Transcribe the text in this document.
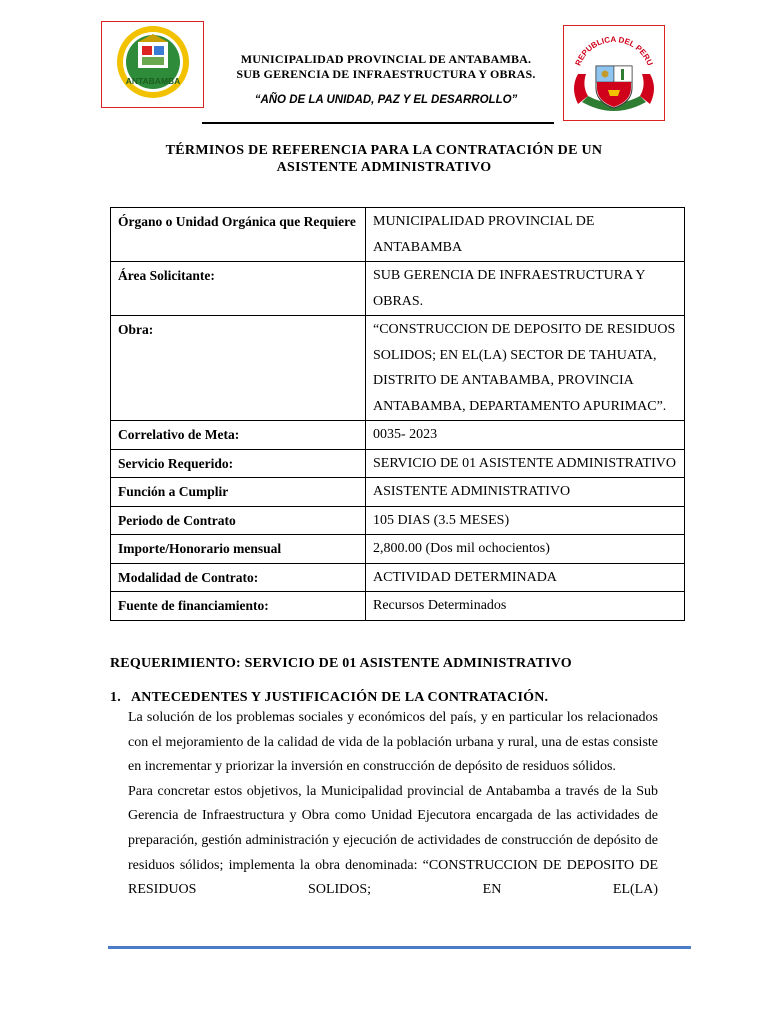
ANTABAMBA
REPUBLICA DEL PERU
MUNICIPALIDAD PROVINCIAL DE ANTABAMBA.
SUB GERENCIA DE INFRAESTRUCTURA Y OBRAS.
“AÑO DE LA UNIDAD, PAZ Y EL DESARROLLO”
TÉRMINOS DE REFERENCIA PARA LA CONTRATACIÓN DE UN
ASISTENTE ADMINISTRATIVO
Órgano o Unidad Orgánica que Requiere	MUNICIPALIDAD PROVINCIAL DE ANTABAMBA
Área Solicitante:	SUB GERENCIA DE INFRAESTRUCTURA Y OBRAS.
Obra:	“CONSTRUCCION DE DEPOSITO DE RESIDUOS SOLIDOS; EN EL(LA) SECTOR DE TAHUATA, DISTRITO DE ANTABAMBA, PROVINCIA ANTABAMBA, DEPARTAMENTO APURIMAC”.
Correlativo de Meta:	0035- 2023
Servicio Requerido:	SERVICIO DE 01 ASISTENTE ADMINISTRATIVO
Función a Cumplir	ASISTENTE ADMINISTRATIVO
Periodo de Contrato	105 DIAS (3.5 MESES)
Importe/Honorario mensual	2,800.00 (Dos mil ochocientos)
Modalidad de Contrato:	ACTIVIDAD DETERMINADA
Fuente de financiamiento:	Recursos Determinados
REQUERIMIENTO: SERVICIO DE 01 ASISTENTE ADMINISTRATIVO
1. ANTECEDENTES Y JUSTIFICACIÓN DE LA CONTRATACIÓN.

La solución de los problemas sociales y económicos del país, y en particular los relacionados con el mejoramiento de la calidad de vida de la población urbana y rural, una de estas consiste en incrementar y priorizar la inversión en construcción de depósito de residuos sólidos.

Para concretar estos objetivos, la Municipalidad provincial de Antabamba a través de la Sub Gerencia de Infraestructura y Obra como Unidad Ejecutora encargada de las actividades de preparación, gestión administración y ejecución de actividades de construcción de depósito de residuos sólidos; implementa la obra denominada: “CONSTRUCCION DE DEPOSITO DE RESIDUOS SOLIDOS; EN EL(LA)
